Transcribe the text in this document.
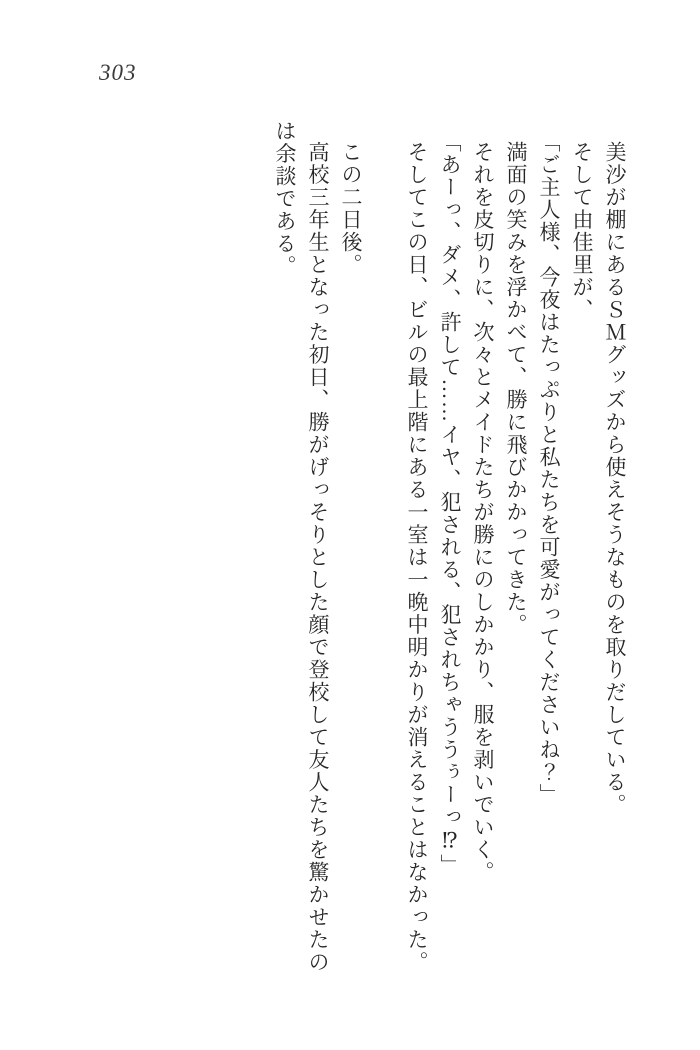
303

美沙が棚にあるＳＭグッズから使えそうなものを取りだしている。

そして由佳里が、

「ご主人様、今夜はたっぷりと私たちを可愛がってくださいね？」

満面の笑みを浮かべて、勝に飛びかかってきた。

それを皮切りに、次々とメイドたちが勝にのしかかり、服を剥いでいく。

「あーっ、ダメ、許して……イヤ、犯される、犯されちゃううぅーっ⁉」

そしてこの日、ビルの最上階にある一室は一晩中明かりが消えることはなかった。

この二日後。

高校三年生となった初日、勝がげっそりとした顔で登校して友人たちを驚かせたの

は余談である。
